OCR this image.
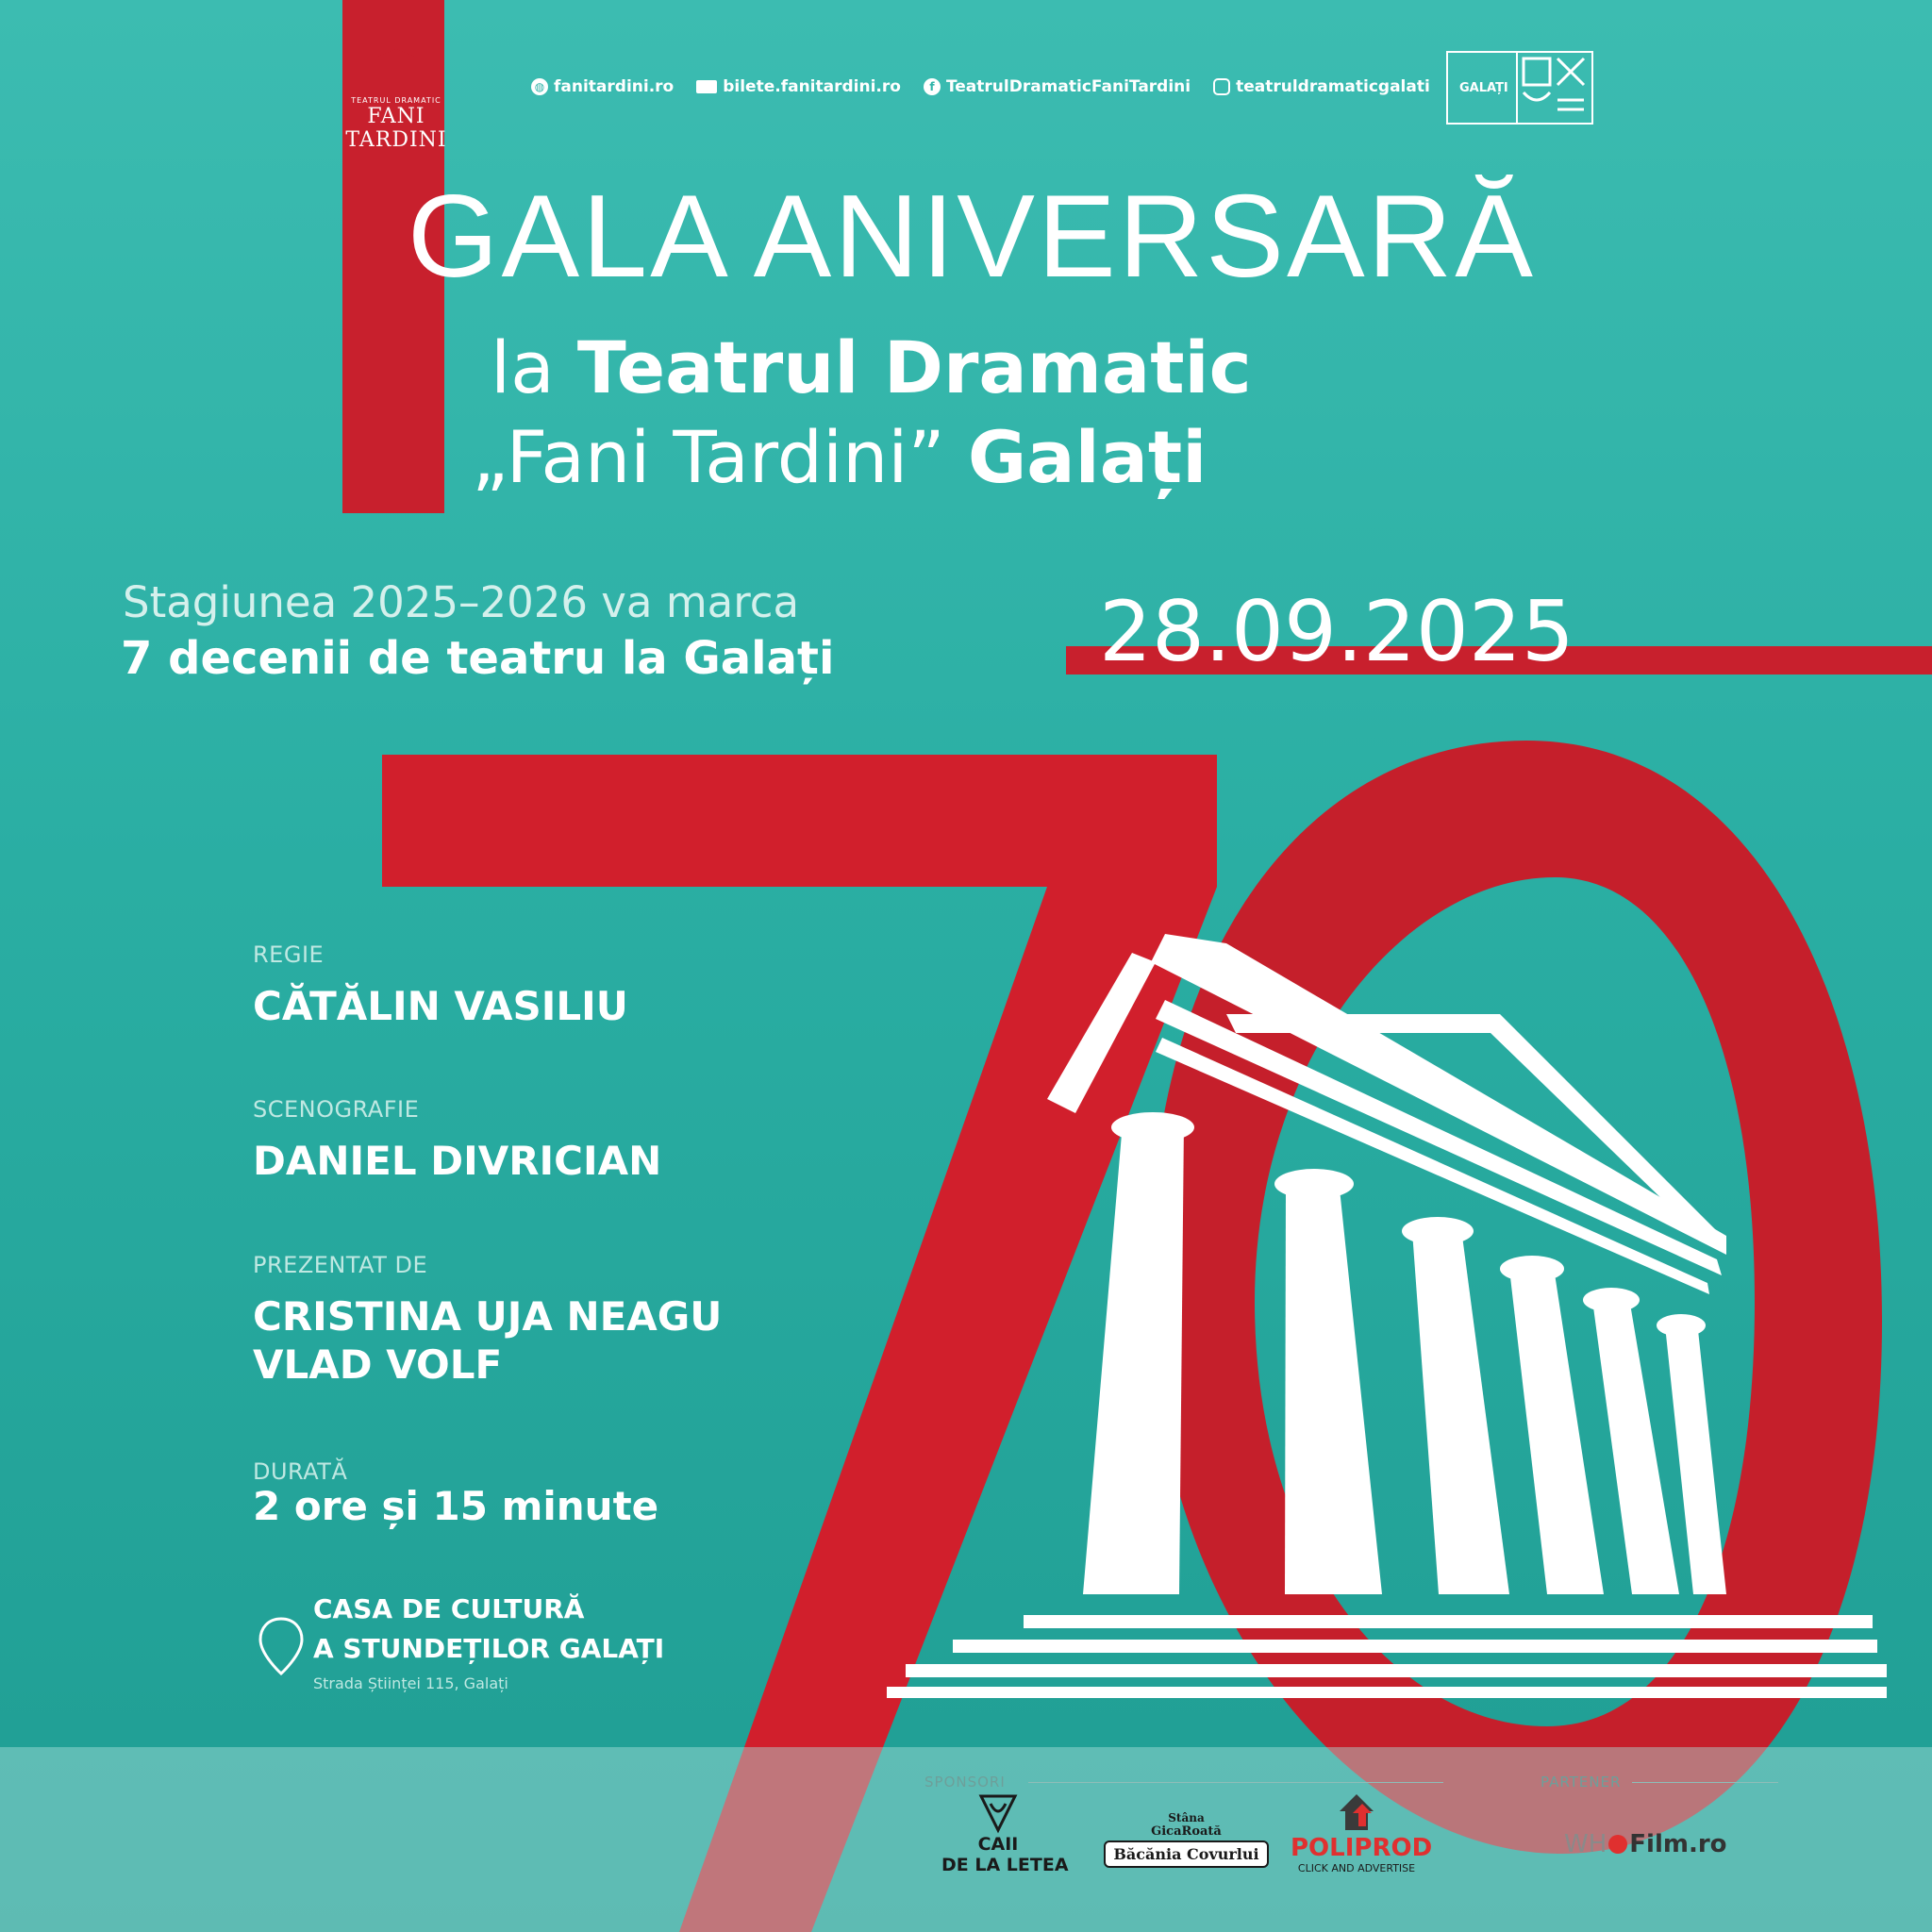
TEATRUL DRAMATIC
FANI TARDINI
◍ fanitardini.ro	bilete.fanitardini.ro	f TeatrulDramaticFaniTardini	teatruldramaticgalati	GALAȚI
GALA ANIVERSARĂ
la Teatrul Dramatic
„Fani Tardini” Galați
Stagiunea 2025–2026 va marca
7 decenii de teatru la Galați	28.09.2025
REGIE
CĂTĂLIN VASILIU
SCENOGRAFIE
DANIEL DIVRICIAN
PREZENTAT DE
CRISTINA UJA NEAGU
VLAD VOLF
DURATĂ
2 ore și 15 minute
CASA DE CULTURĂ
A STUNDEȚILOR GALAȚI
Strada Științei 115, Galați
SPONSORI	PARTENER
CAII
DE LA LETEA
Stâna
GicaRoată
Băcănia Covurlui	POLIPROD
CLICK AND ADVERTISE
WH Film.ro
